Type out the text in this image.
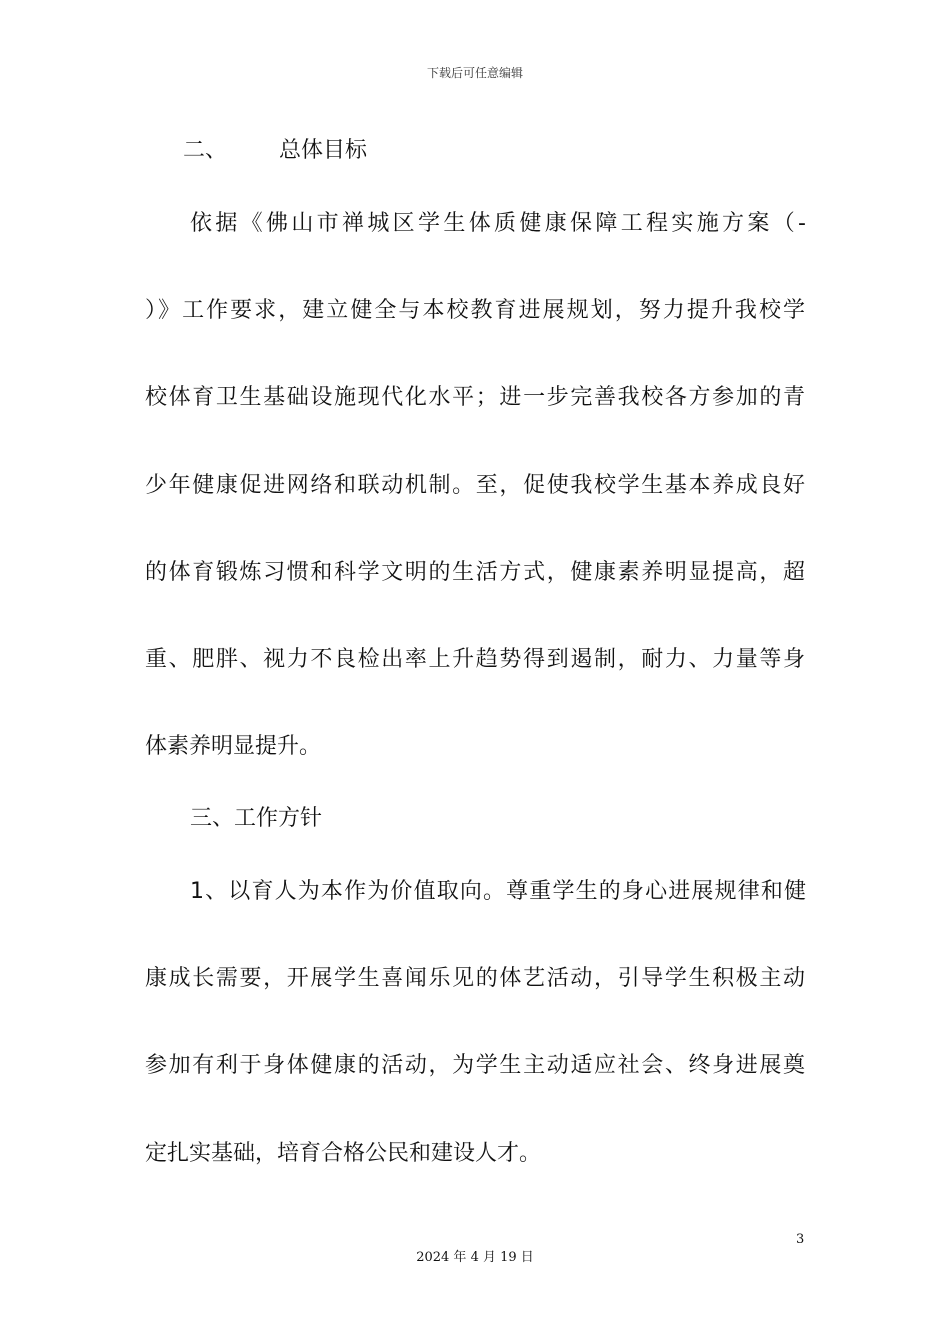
下载后可任意编辑
二、 总体目标
依据《佛山市禅城区学生体质健康保障工程实施方案（-
）》工作要求，建立健全与本校教育进展规划，努力提升我校学
校体育卫生基础设施现代化水平；进一步完善我校各方参加的青
少年健康促进网络和联动机制。至，促使我校学生基本养成良好
的体育锻炼习惯和科学文明的生活方式，健康素养明显提高，超
重、肥胖、视力不良检出率上升趋势得到遏制，耐力、力量等身
体素养明显提升。
三、工作方针
1、以育人为本作为价值取向。尊重学生的身心进展规律和健
康成长需要，开展学生喜闻乐见的体艺活动，引导学生积极主动
参加有利于身体健康的活动，为学生主动适应社会、终身进展奠
定扎实基础，培育合格公民和建设人才。
3
2024 年 4 月 19 日
